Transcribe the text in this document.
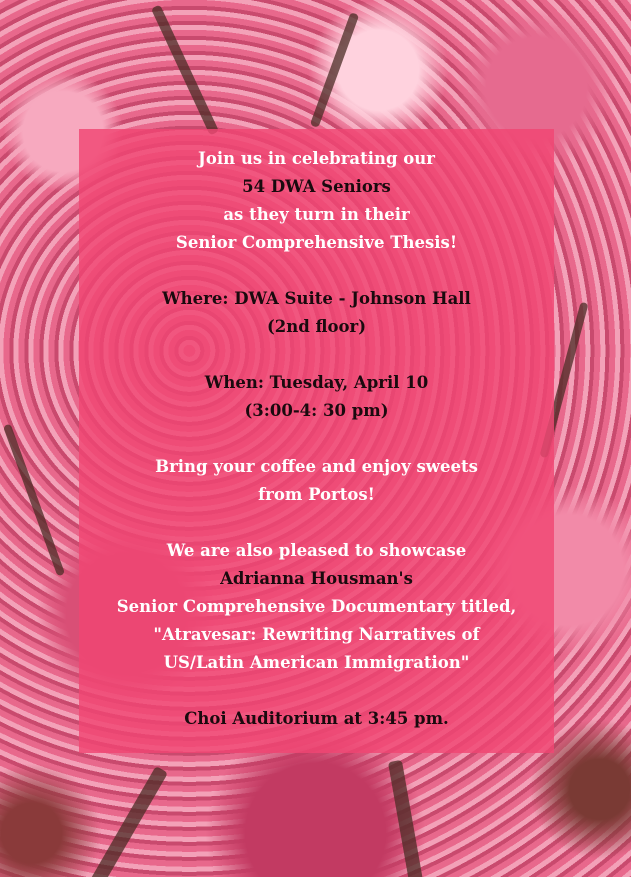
Join us in celebrating our
54 DWA Seniors
as they turn in their
Senior Comprehensive Thesis!
Where: DWA Suite - Johnson Hall
(2nd floor)
When: Tuesday, April 10
(3:00-4: 30 pm)
Bring your coffee and enjoy sweets
from Portos!
We are also pleased to showcase
Adrianna Housman's
Senior Comprehensive Documentary titled,
"Atravesar: Rewriting Narratives of
US/Latin American Immigration"
Choi Auditorium at 3:45 pm.
